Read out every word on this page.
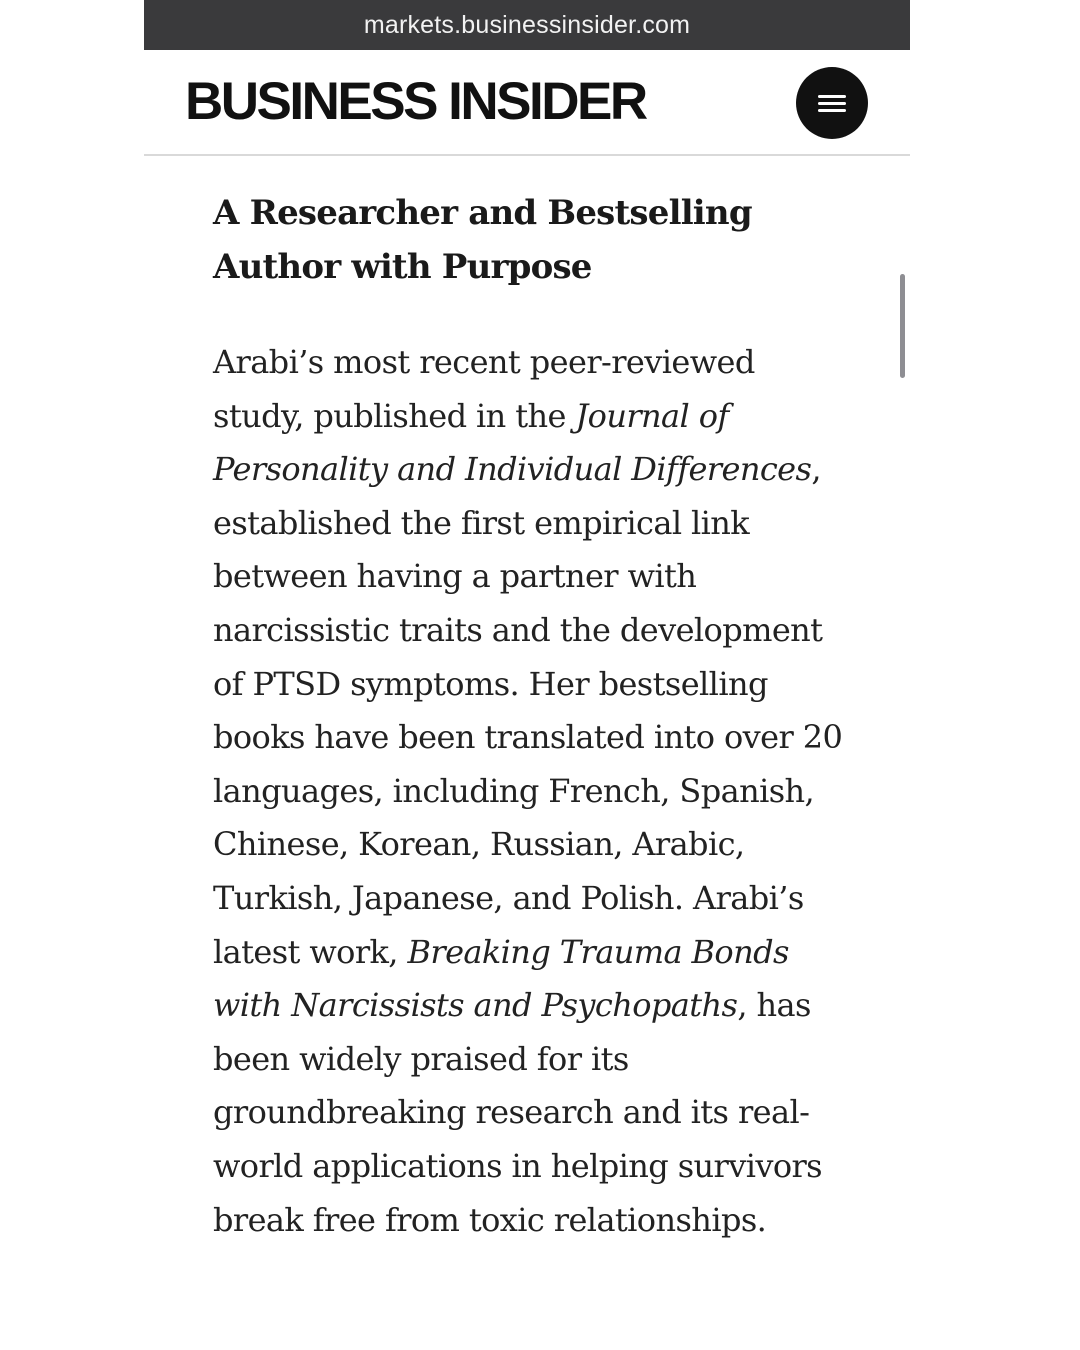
markets.businessinsider.com
BUSINESS INSIDER
A Researcher and Bestselling Author with Purpose

Arabi’s most recent peer-reviewed study, published in the Journal of Personality and Individual Differences, established the first empirical link between having a partner with narcissistic traits and the development of PTSD symptoms. Her bestselling books have been translated into over 20 languages, including French, Spanish, Chinese, Korean, Russian, Arabic, Turkish, Japanese, and Polish. Arabi’s latest work, Breaking Trauma Bonds with Narcissists and Psychopaths, has been widely praised for its groundbreaking research and its real-world applications in helping survivors break free from toxic relationships.
